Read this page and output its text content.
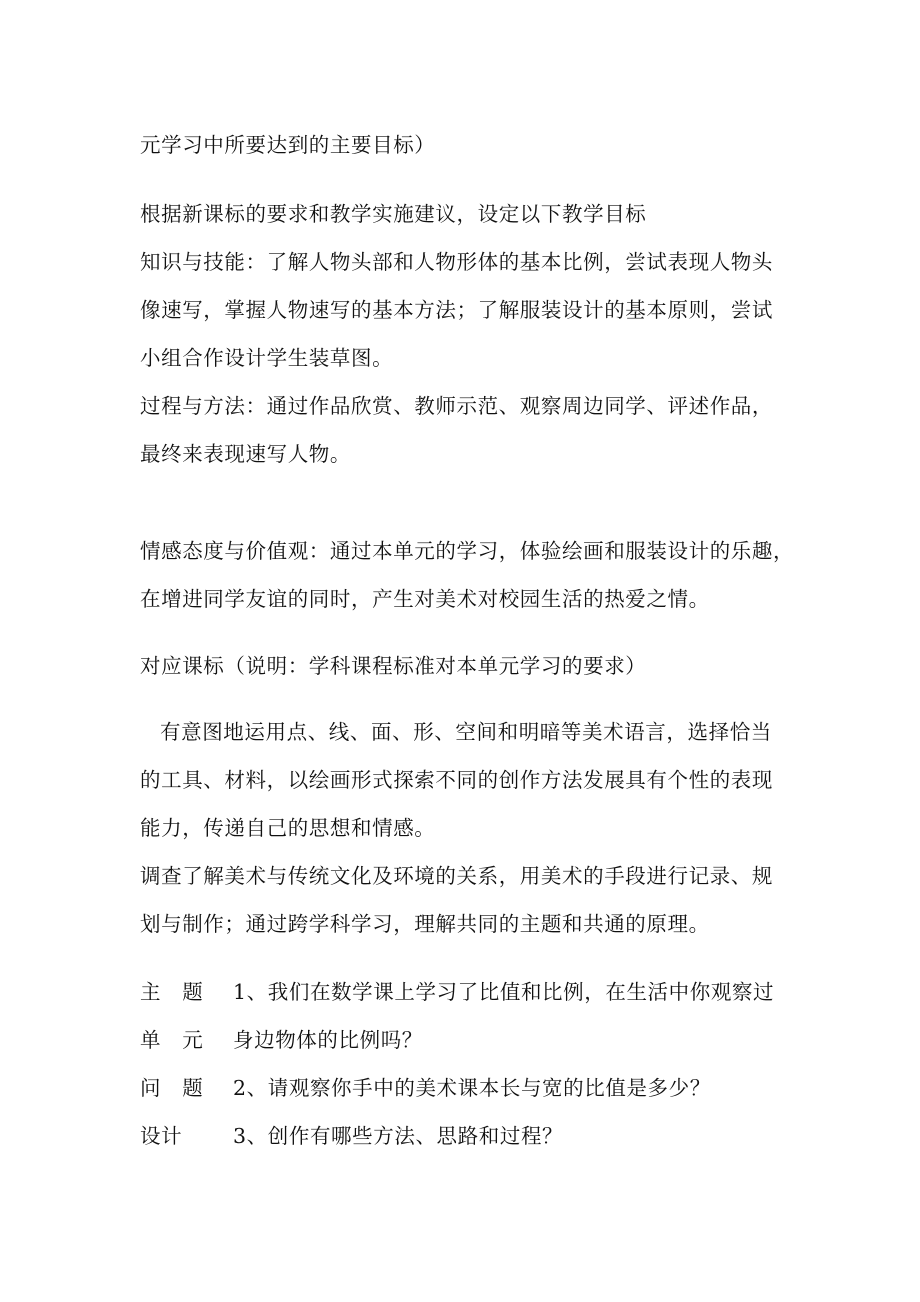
元学习中所要达到的主要目标）
根据新课标的要求和教学实施建议，设定以下教学目标
知识与技能：了解人物头部和人物形体的基本比例，尝试表现人物头
像速写，掌握人物速写的基本方法；了解服装设计的基本原则，尝试
小组合作设计学生装草图。
过程与方法：通过作品欣赏、教师示范、观察周边同学、评述作品，
最终来表现速写人物。
情感态度与价值观：通过本单元的学习，体验绘画和服装设计的乐趣，
在增进同学友谊的同时，产生对美术对校园生活的热爱之情。
对应课标（说明：学科课程标准对本单元学习的要求）
有意图地运用点、线、面、形、空间和明暗等美术语言，选择恰当
的工具、材料，以绘画形式探索不同的创作方法发展具有个性的表现
能力，传递自己的思想和情感。
调查了解美术与传统文化及环境的关系，用美术的手段进行记录、规
划与制作；通过跨学科学习，理解共同的主题和共通的原理。
主　题 1、我们在数学课上学习了比值和比例，在生活中你观察过
单　元 身边物体的比例吗？
问　题 2、请观察你手中的美术课本长与宽的比值是多少？
设计 3、创作有哪些方法、思路和过程？
